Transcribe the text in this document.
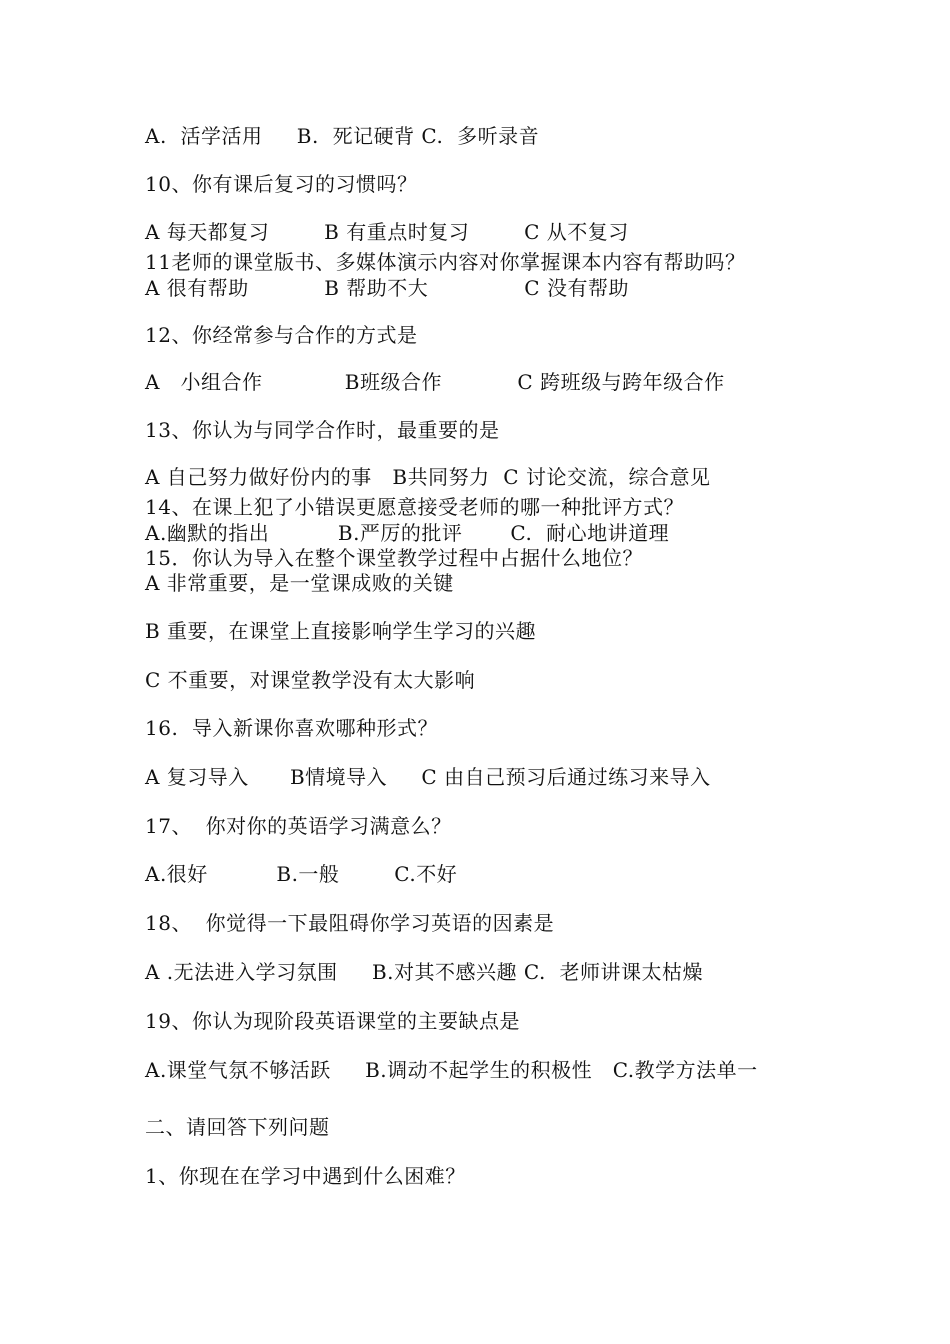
A.  活学活用     B.  死记硬背 C.  多听录音
10、你有课后复习的习惯吗？
A 每天都复习        B 有重点时复习        C 从不复习
11老师的课堂版书、多媒体演示内容对你掌握课本内容有帮助吗？
A 很有帮助           B 帮助不大              C 没有帮助
12、你经常参与合作的方式是
A   小组合作            B班级合作           C 跨班级与跨年级合作
13、你认为与同学合作时，最重要的是
A 自己努力做好份内的事   B共同努力  C 讨论交流，综合意见
14、在课上犯了小错误更愿意接受老师的哪一种批评方式？
A.幽默的指出          B.严厉的批评       C.  耐心地讲道理
15．你认为导入在整个课堂教学过程中占据什么地位？
A 非常重要，是一堂课成败的关键
B 重要，在课堂上直接影响学生学习的兴趣
C 不重要，对课堂教学没有太大影响
16.  导入新课你喜欢哪种形式？
A 复习导入      B情境导入     C 由自己预习后通过练习来导入
17、  你对你的英语学习满意么？
A.很好          B.一般        C.不好
18、  你觉得一下最阻碍你学习英语的因素是
A .无法进入学习氛围     B.对其不感兴趣 C.  老师讲课太枯燥
19、你认为现阶段英语课堂的主要缺点是
A.课堂气氛不够活跃     B.调动不起学生的积极性   C.教学方法单一
二、请回答下列问题
1、你现在在学习中遇到什么困难？
